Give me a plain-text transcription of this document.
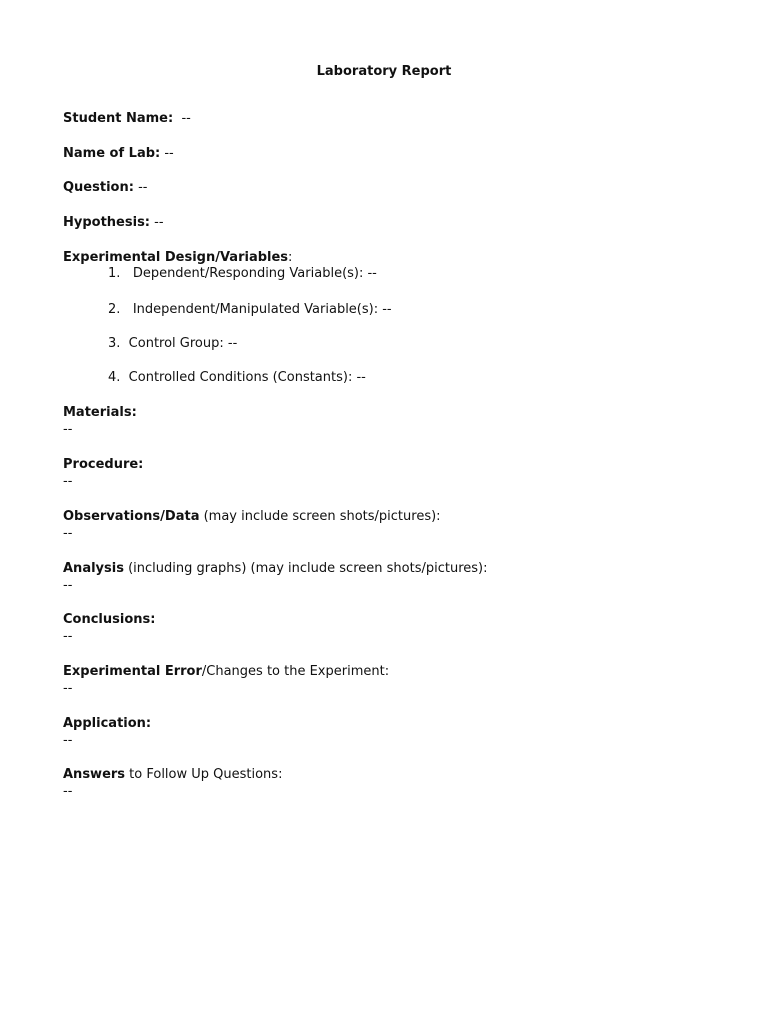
Laboratory Report
Student Name: --
Name of Lab: --
Question: --
Hypothesis: --
Experimental Design/Variables:
1. Dependent/Responding Variable(s): --
2. Independent/Manipulated Variable(s): --
3. Control Group: --
4. Controlled Conditions (Constants): --
Materials:
--
Procedure:
--
Observations/Data (may include screen shots/pictures):
--
Analysis (including graphs) (may include screen shots/pictures):
--
Conclusions:
--
Experimental Error/Changes to the Experiment:
--
Application:
--
Answers to Follow Up Questions:
--
